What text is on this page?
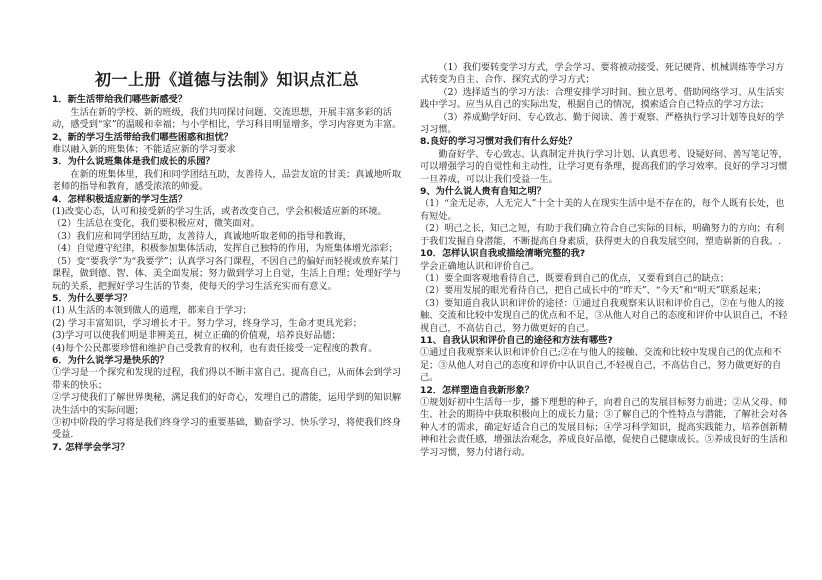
初一上册《道德与法制》知识点汇总
1．新生活带给我们哪些新感受？
生活在新的学校、新的班级，我们共同探讨问题、交流思想，开展丰富多彩的活动，感受到“家”的温暖和幸福；与小学相比，学习科目明显增多，学习内容更为丰富。
2、新的学习生活带给我们哪些困惑和担忧？
难以融入新的班集体；不能适应新的学习要求
3．为什么说班集体是我们成长的乐园？
在新的班集体里，我们和同学团结互助，友善待人，品尝友谊的甘美；真诚地听取老师的指导和教育，感受浓浓的师爱。
4．怎样积极适应新的学习生活？
(1)改变心态，认可和接受新的学习生活，或者改变自己，学会积极适应新的环境。
（2）生活总在变化，我们要积极应对，微笑面对。
（3）我们应和同学团结互助，友善待人，真诚地听取老师的指导和教诲，
（4）自觉遵守纪律，积极参加集体活动，发挥自己独特的作用，为班集体增光添彩；
（5）变“要我学”为“我要学”；认真学习各门课程，不因自己的偏好而轻视或放弃某门课程，做到德、智、体、美全面发展；努力做到学习上自觉，生活上自理；处理好学与玩的关系，把握好学习生活的节奏，使每天的学习生活充实而有意义。
5．为什么要学习？
(1) 从生活的本领到做人的道理，都来自于学习；
(2) 学习丰富知识，学习增长才干。努力学习，终身学习，生命才更具光彩；
(3)学习可以使我们明是非辨美丑，树立正确的价值观，培养良好品德；
(4)每个公民都要珍惜和维护自己受教育的权利，也有责任接受一定程度的教育。
6．为什么说学习是快乐的？
①学习是一个探究和发现的过程，我们得以不断丰富自己、提高自己，从而体会到学习带来的快乐；
②学习使我们了解世界奥秘，满足我们的好奇心，发埋自己的潜能，运用学到的知识解决生活中的实际问题；
③初中阶段的学习将是我们终身学习的重要基础，勤奋学习、快乐学习，将使我们终身受益.
7. 怎样学会学习？
（1）我们要转变学习方式，学会学习、要将被动接受、死记硬背、机械训练等学习方式转变为自主、合作、探究式的学习方式；
（2）选择适当的学习方法：合理安排学习时间、独立思考、借助网络学习、从生活实践中学习。应当从自己的实际出发，根据自己的情况，摸索适合自己特点的学习方法；
（3）养成勤学好问、专心致志、勤于阅读、善于观察、严格执行学习计划等良好的学习习惯。
8.良好的学习习惯对我们有什么好处？
勤奋好学、专心致志、认真制定并执行学习计划、认真思考、设疑好问、善写笔记等，可以增强学习的自觉性和主动性，让学习更有条理，提高我们的学习效率。良好的学习习惯一旦养成，可以让我们受益一生。
9、为什么说人贵有自知之明？
（1）“金无足赤，人无完人”十全十美的人在现实生活中是不存在的，每个人既有长处，也有短处。
（2）明己之长，知己之短，有助于我们确立符合自己实际的目标，明确努力的方向；有利于我们发掘自身潜能，不断提高自身素质，获得更大的自我发展空间，塑造崭新的自我。.
10．怎样认识自我或描绘清晰完整的我?
学会正确地认识和评价自己。
（1）要全面客观地看待自己，既要看到自己的优点，又要看到自己的缺点；
（2）要用发展的眼光看待自己，把自己成长中的“昨天”、“今天”和“明天”联系起来；
（3）要知道自我认识和评价的途径：①通过自我观察来认识和评价自己，②在与他人的接触、交流和比较中发现自己的优点和不足，③从他人对自己的态度和评价中认识自己，不轻视自己，不高估自己，努力做更好的自己。
11、自我认识和评价自己的途径和方法有哪些?
①通过自我观察来认识和评价自己;②在与他人的接触、交流和比较中发现自己的优点和不足；③从他人对自己的态度和评价中认识自己,不轻视自己，不高估自己，努力做更好的自己。
12．怎样塑造自我新形象？
①规划好初中生活每一步，播下理想的种子，向着自己的发展目标努力前进；②从父母、师生、社会的期待中获取积极向上的成长力量；③了解自己的个性特点与潜能，了解社会对各种人才的需求，确定好适合自己的发展目标；④学习科学知识，提高实践能力，培养创新精神和社会责任感，增强法治观念，养成良好品德，促使自己健康成长。⑤养成良好的生活和学习习惯，努力付诸行动。
